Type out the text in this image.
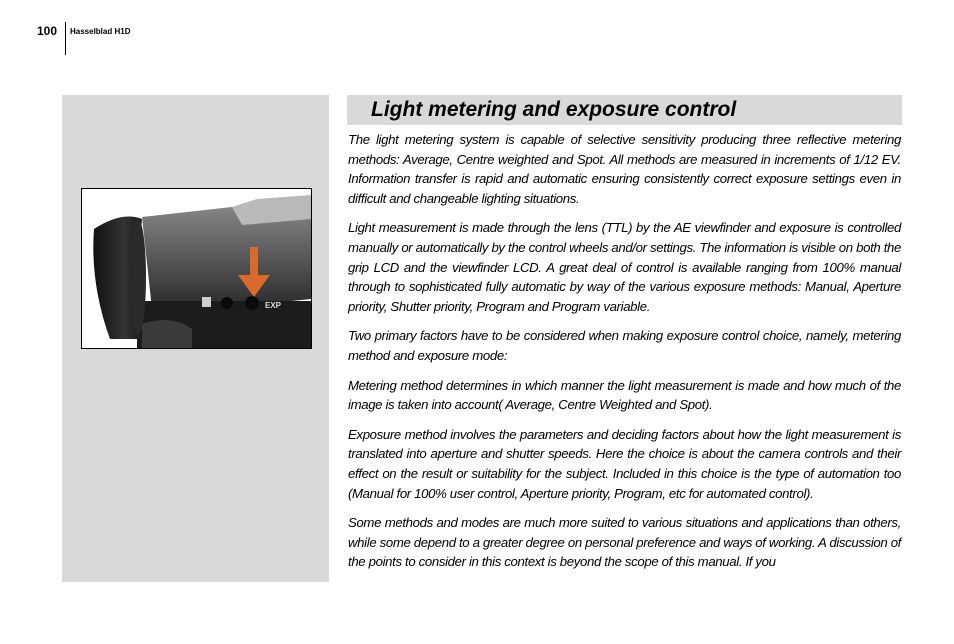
100 Hasselblad H1D
EXP
Light metering and exposure control

The light metering system is capable of selective sensitivity producing three reflective metering methods: Average, Centre weighted and Spot. All methods are measured in increments of 1/12 EV. Information transfer is rapid and automatic ensuring consistently correct exposure settings even in difficult and changeable lighting situations.

Light measurement is made through the lens (TTL) by the AE viewfinder and exposure is controlled manually or automatically by the control wheels and/or settings. The information is visible on both the grip LCD and the viewfinder LCD. A great deal of control is available ranging from 100% manual through to sophisticated fully automatic by way of the various exposure methods: Manual, Aperture priority, Shutter priority, Program and Program variable.

Two primary factors have to be considered when making exposure control choice, namely, metering method and exposure mode:

Metering method determines in which manner the light measurement is made and how much of the image is taken into account( Average, Centre Weighted and Spot).

Exposure method involves the parameters and deciding factors about how the light measurement is translated into aperture and shutter speeds. Here the choice is about the camera controls and their effect on the result or suitability for the subject. Included in this choice is the type of automation too (Manual for 100% user control, Aperture priority, Program, etc for automated control).

Some methods and modes are much more suited to various situations and applications than others, while some depend to a greater degree on personal preference and ways of working. A discussion of the points to consider in this context is beyond the scope of this manual. If you
